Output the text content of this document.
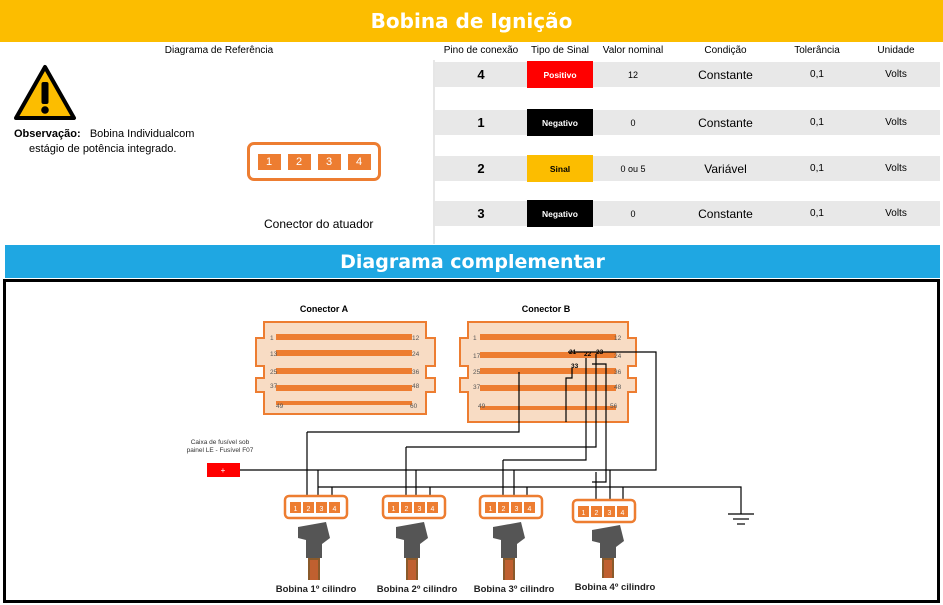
Bobina de Ignição
Diagrama de Referência	Pino de conexão	Tipo de Sinal	Valor nominal	Condição	Tolerância	Unidade
Observação: Bobina Individualcom
estágio de potência integrado.
1	2	3	4
Conector do atuador
4	Positivo	12	Constante	0,1	Volts
1	Negativo	0	Constante	0,1	Volts
2	Sinal	0 ou 5	Variável	0,1	Volts
3	Negativo	0	Constante	0,1	Volts
Diagrama complementar
Conector A
1	12
13	24
25	36
37	48
49	60
Conector B
1	12
17	24
25	36
37	48
49	56
21 22 23
33
Caixa de fusível sob
painel LE - Fusível F07
+
1 2 3 4
Bobina 1º cilindro
1 2 3 4
Bobina 2º cilindro
1 2 3 4
Bobina 3º cilindro
1 2 3 4
Bobina 4º cilindro
